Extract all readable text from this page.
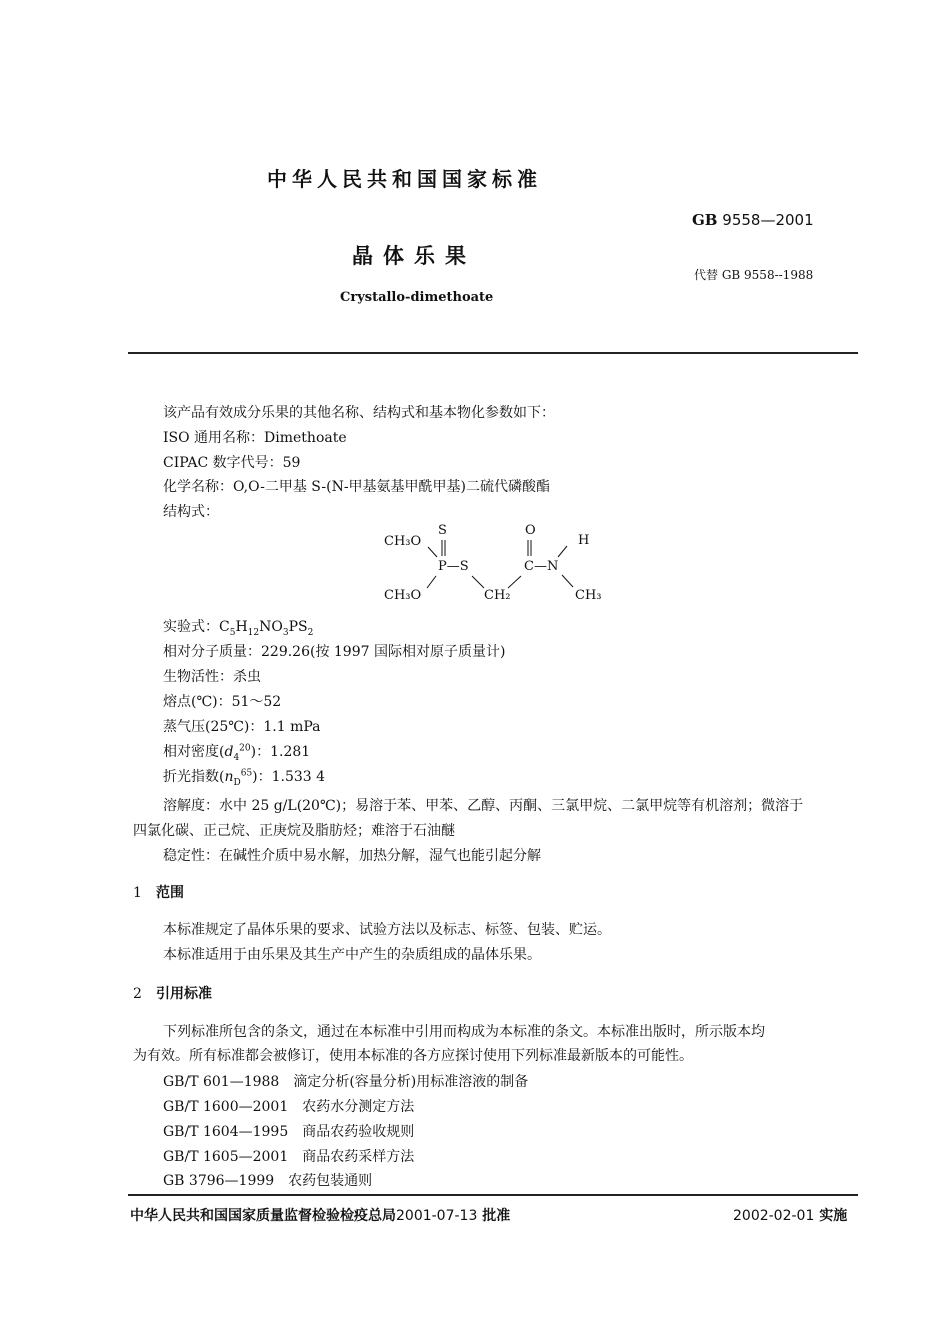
中华人民共和国国家标准
GB 9558—2001
晶体乐果
代替 GB 9558--1988
Crystallo-dimethoate
该产品有效成分乐果的其他名称、结构式和基本物化参数如下：
ISO 通用名称：Dimethoate
CIPAC 数字代号：59
化学名称：O,O-二甲基 S-(N-甲基氨基甲酰甲基)二硫代磷酸酯
结构式：
CH₃O
S	O
H
P—S	C—N
CH₃O	CH₂	CH₃
实验式：$C_5H_{12}NO_3PS_2$
相对分子质量：229.26(按 1997 国际相对原子质量计)
生物活性：杀虫
熔点(℃)：51～52
蒸气压(25℃)：1.1 mPa
相对密度$(d_4^{20})$：1.281
折光指数$(n_D^{65})$：1.533 4
溶解度：水中 25 g/L(20℃)；易溶于苯、甲苯、乙醇、丙酮、三氯甲烷、二氯甲烷等有机溶剂；微溶于
四氯化碳、正己烷、正庚烷及脂肪烃；难溶于石油醚
稳定性：在碱性介质中易水解，加热分解，湿气也能引起分解
1 范围
本标准规定了晶体乐果的要求、试验方法以及标志、标签、包装、贮运。
本标准适用于由乐果及其生产中产生的杂质组成的晶体乐果。
2 引用标准
下列标准所包含的条文，通过在本标准中引用而构成为本标准的条文。本标准出版时，所示版本均
为有效。所有标准都会被修订，使用本标准的各方应探讨使用下列标准最新版本的可能性。
GB/T 601—1988　滴定分析(容量分析)用标准溶液的制备
GB/T 1600—2001　农药水分测定方法
GB/T 1604—1995　商品农药验收规则
GB/T 1605—2001　商品农药采样方法
GB 3796—1999　农药包装通则
中华人民共和国国家质量监督检验检疫总局2001-07-13 批准	2002-02-01 实施
